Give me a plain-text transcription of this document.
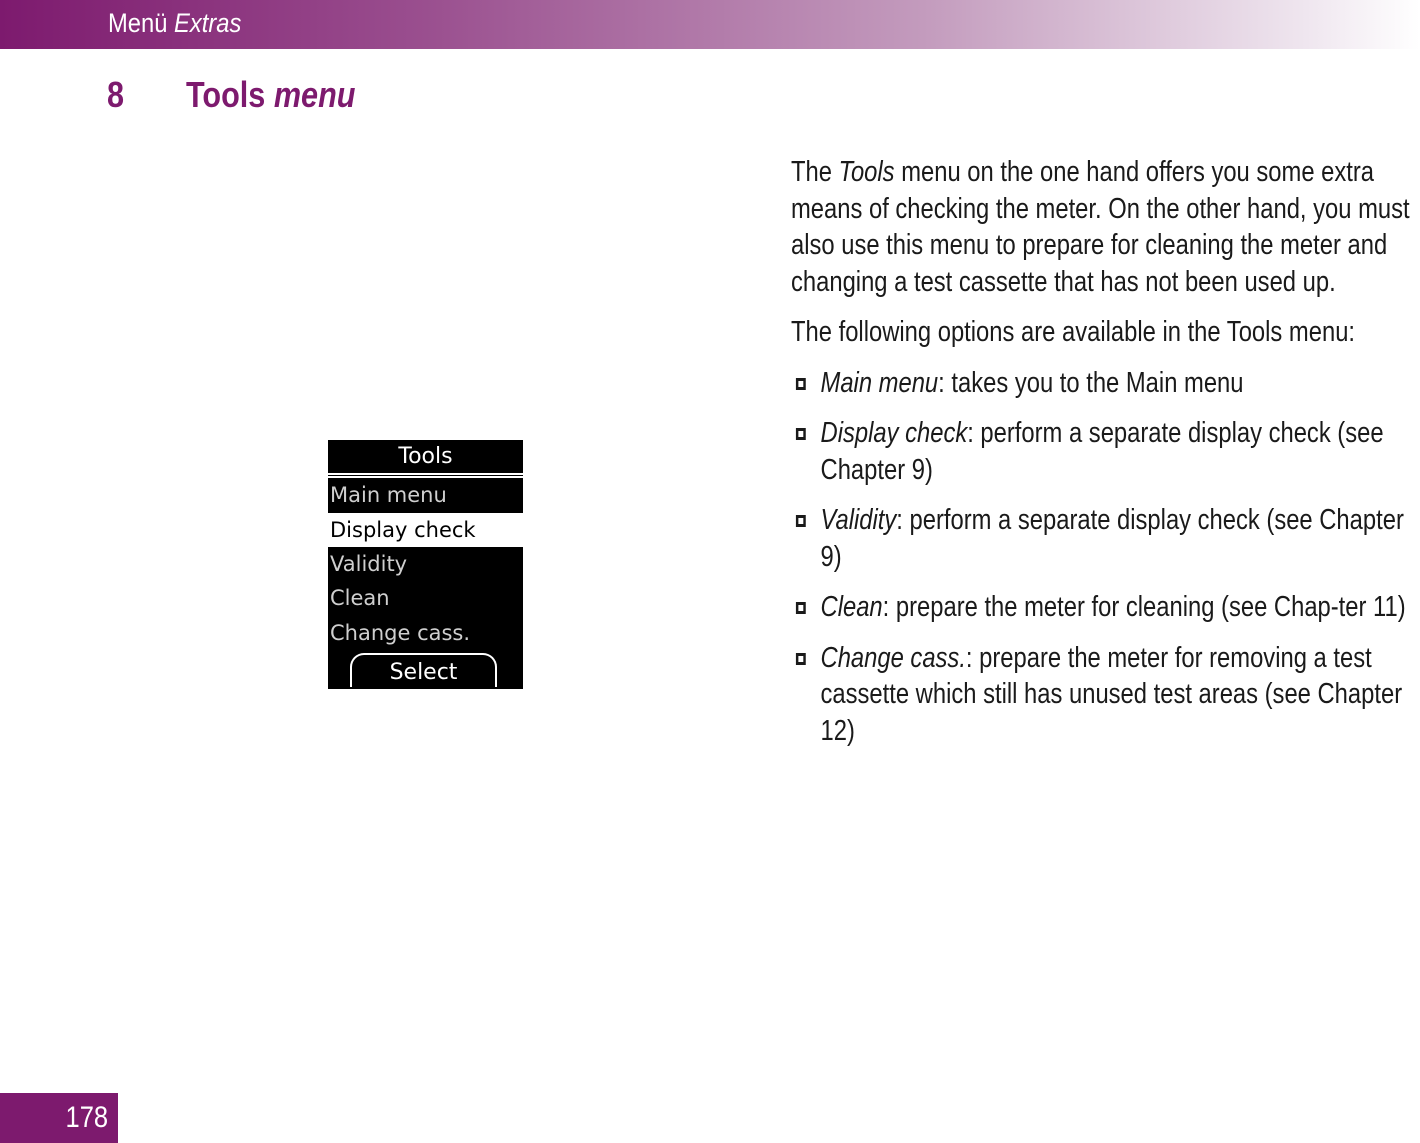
Menü Extras
8 Tools menu
Tools
Main menu
Display check
Validity
Clean
Change cass.
Select

The Tools menu on the one hand offers you some extra means of checking the meter. On the other hand, you must also use this menu to prepare for cleaning the meter and changing a test cassette that has not been used up.

The following options are available in the Tools menu:

Main menu: takes you to the Main menu
Display check: perform a separate display check (see Chapter 9)
Validity: perform a separate display check (see Chapter 9)
Clean: prepare the meter for cleaning (see Chap-ter 11)
Change cass.: prepare the meter for removing a test cassette which still has unused test areas (see Chapter 12)
178
